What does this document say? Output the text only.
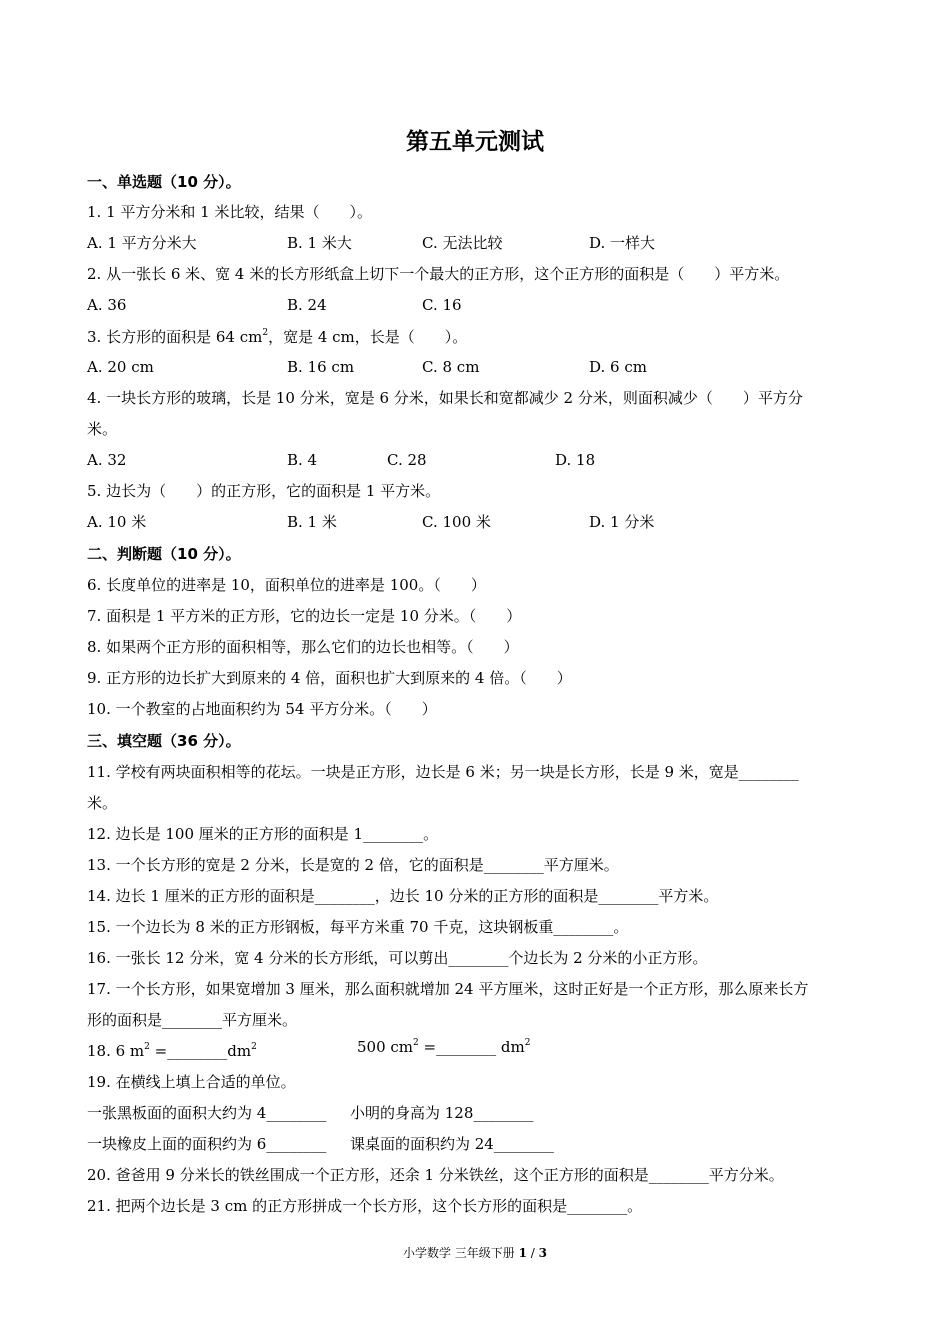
第五单元测试
一、单选题（10 分）。
1. 1 平方分米和 1 米比较，结果（　　）。
A. 1 平方分米大	B. 1 米大	C. 无法比较	D. 一样大
2. 从一张长 6 米、宽 4 米的长方形纸盒上切下一个最大的正方形，这个正方形的面积是（　　）平方米。
A. 36	B. 24	C. 16
3. 长方形的面积是 64 $cm^2$，宽是 4 cm，长是（　　）。
A. 20 cm	B. 16 cm	C. 8 cm	D. 6 cm
4. 一块长方形的玻璃，长是 10 分米，宽是 6 分米，如果长和宽都减少 2 分米，则面积减少（　　）平方分
米。
A. 32	B. 4	C. 28	D. 18
5. 边长为（　　）的正方形，它的面积是 1 平方米。
A. 10 米	B. 1 米	C. 100 米	D. 1 分米
二、判断题（10 分）。
6. 长度单位的进率是 10，面积单位的进率是 100。（　　）
7. 面积是 1 平方米的正方形，它的边长一定是 10 分米。（　　）
8. 如果两个正方形的面积相等，那么它们的边长也相等。（　　）
9. 正方形的边长扩大到原来的 4 倍，面积也扩大到原来的 4 倍。（　　）
10. 一个教室的占地面积约为 54 平方分米。（　　）
三、填空题（36 分）。
11. 学校有两块面积相等的花坛。一块是正方形，边长是 6 米；另一块是长方形，长是 9 米，宽是________
米。
12. 边长是 100 厘米的正方形的面积是 1________。
13. 一个长方形的宽是 2 分米，长是宽的 2 倍，它的面积是________平方厘米。
14. 边长 1 厘米的正方形的面积是________，边长 10 分米的正方形的面积是________平方米。
15. 一个边长为 8 米的正方形钢板，每平方米重 70 千克，这块钢板重________。
16. 一张长 12 分米，宽 4 分米的长方形纸，可以剪出________个边长为 2 分米的小正方形。
17. 一个长方形，如果宽增加 3 厘米，那么面积就增加 24 平方厘米，这时正好是一个正方形，那么原来长方
形的面积是________平方厘米。
18. 6 $m^2$ $=\_\_\_\_\_\_\_\_dm^2$	500 $cm^2$ =________ $dm^2$
19. 在横线上填上合适的单位。
一张黑板面的面积大约为 4________ 小明的身高为 128________
一块橡皮上面的面积约为 6________ 课桌面的面积约为 24________
20. 爸爸用 9 分米长的铁丝围成一个正方形，还余 1 分米铁丝，这个正方形的面积是________平方分米。
21. 把两个边长是 3 cm 的正方形拼成一个长方形，这个长方形的面积是________。
小学数学 三年级下册 1 / 3
